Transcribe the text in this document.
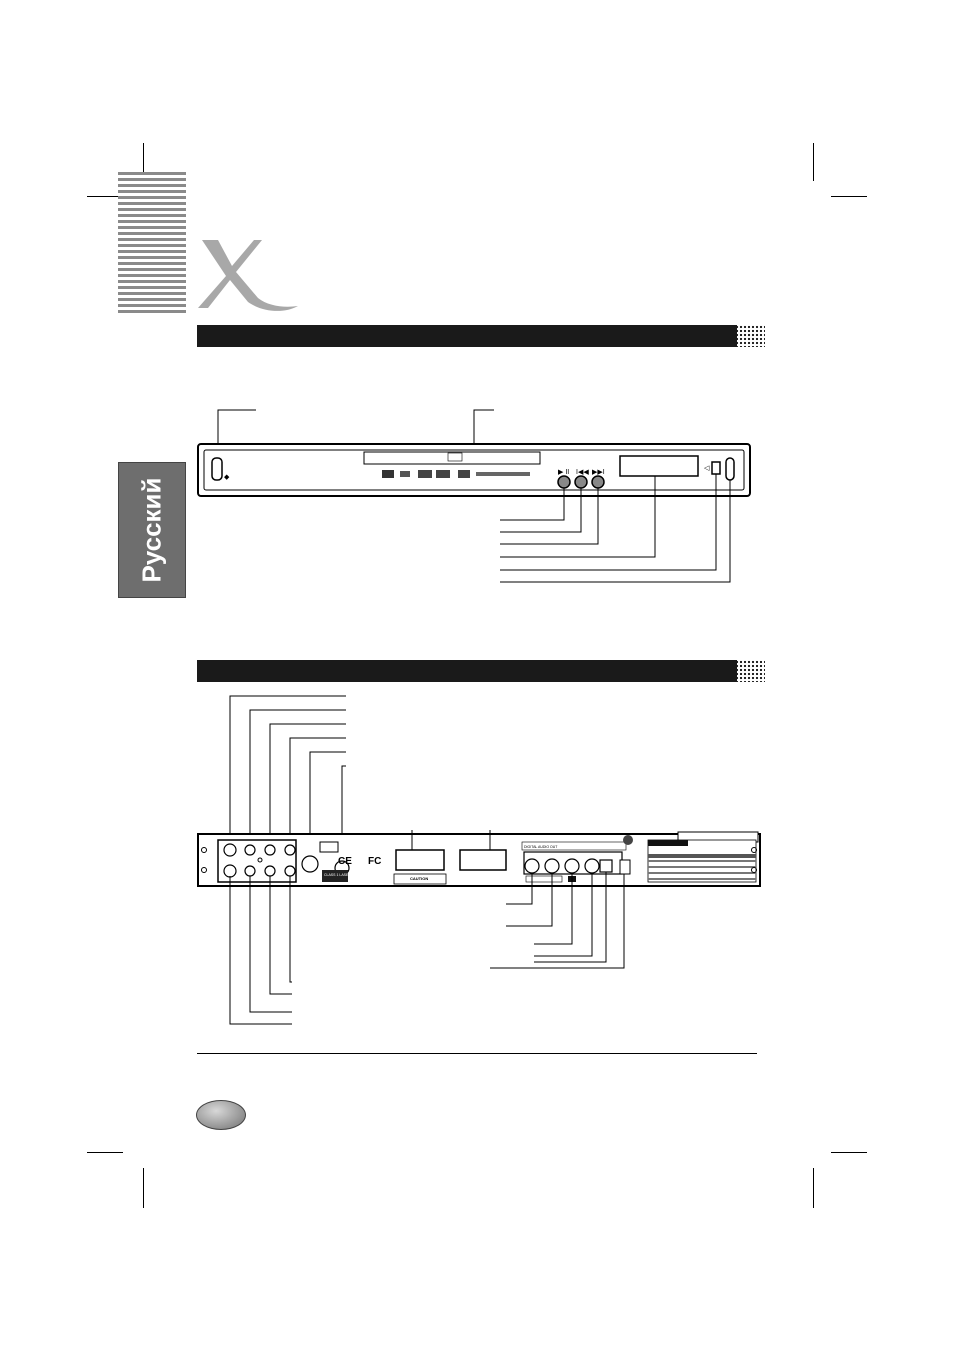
Русский	◆
▶ II I◀◀ ▶▶I
◁
CE FC
CLASS 1 LASER PRODUCT
CAUTION
DIGITAL AUDIO OUT
